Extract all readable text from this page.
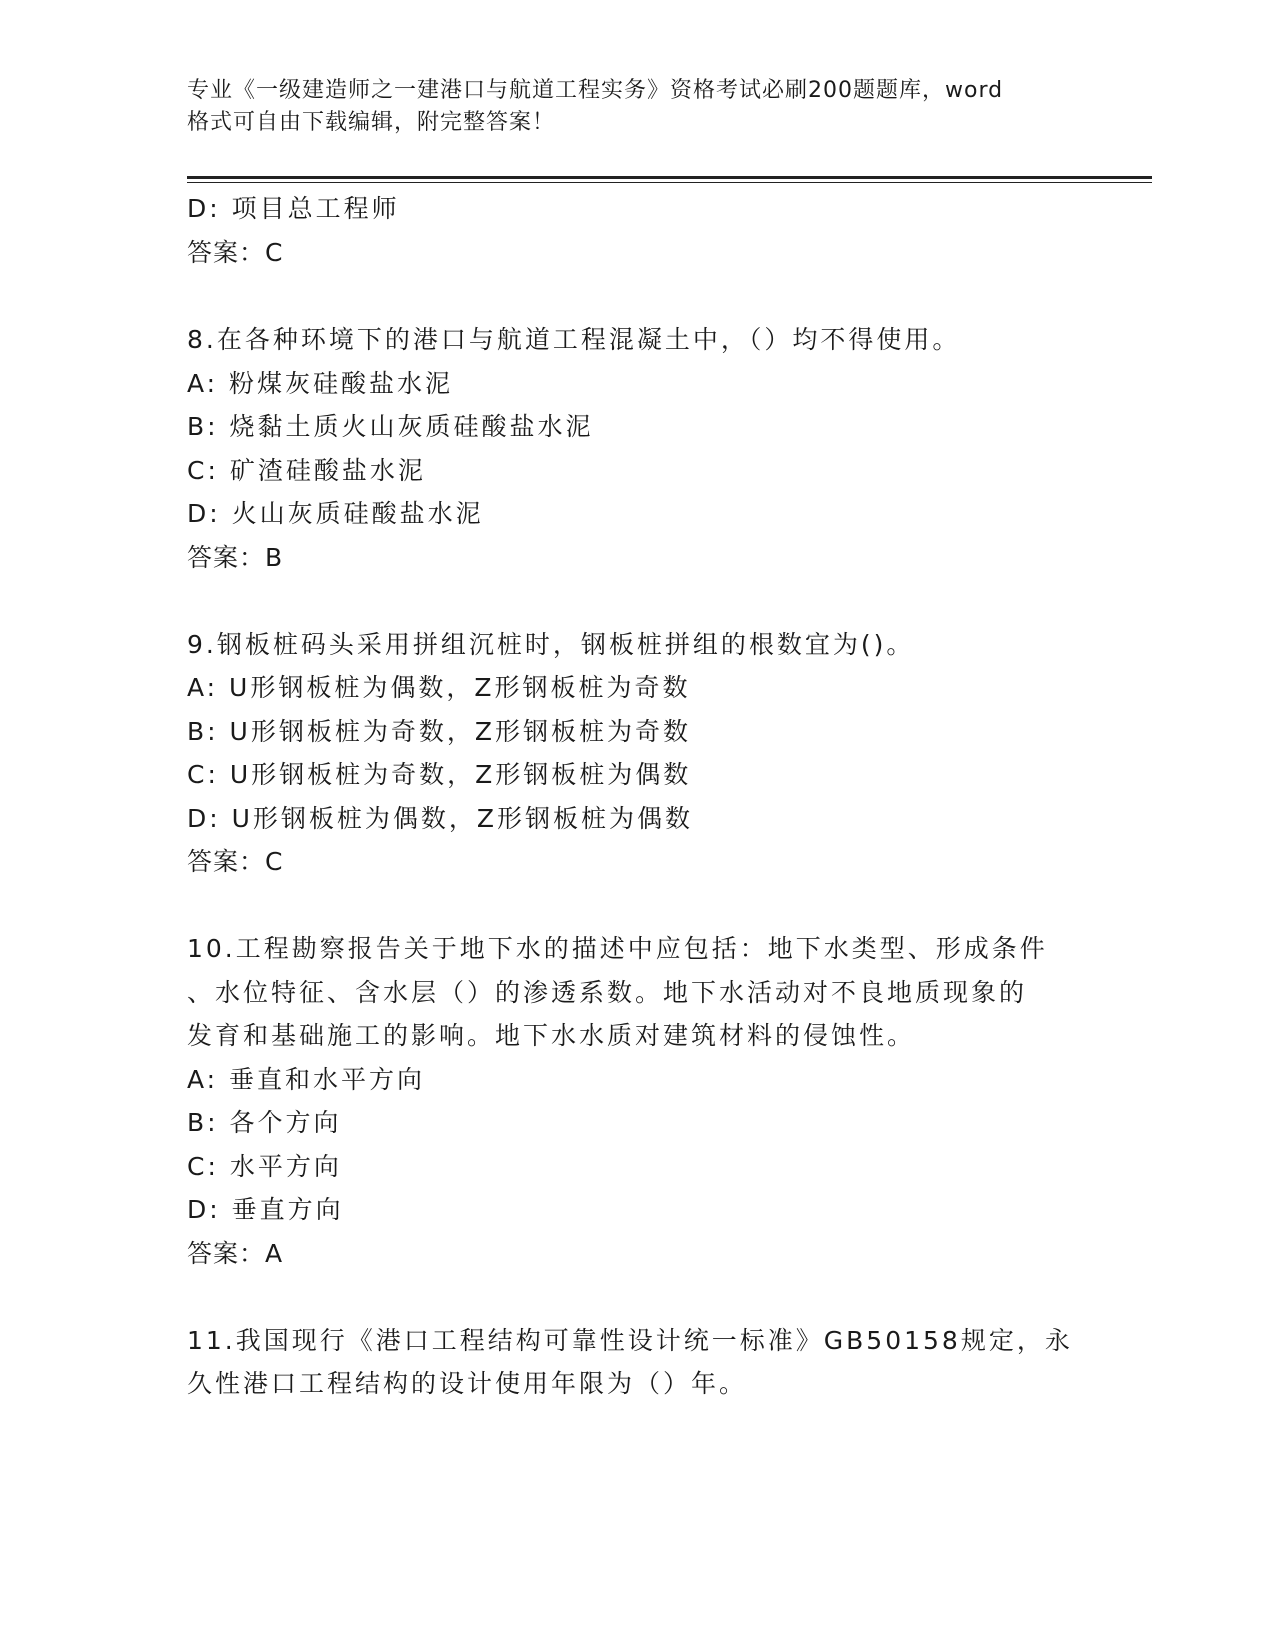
专业《一级建造师之一建港口与航道工程实务》资格考试必刷200题题库，word
格式可自由下载编辑，附完整答案！
D: 项目总工程师
答案：C
8.在各种环境下的港口与航道工程混凝土中，（）均不得使用。
A: 粉煤灰硅酸盐水泥
B: 烧黏土质火山灰质硅酸盐水泥
C: 矿渣硅酸盐水泥
D: 火山灰质硅酸盐水泥
答案：B
9.钢板桩码头采用拼组沉桩时，钢板桩拼组的根数宜为()。
A: U形钢板桩为偶数，Z形钢板桩为奇数
B: U形钢板桩为奇数，Z形钢板桩为奇数
C: U形钢板桩为奇数，Z形钢板桩为偶数
D: U形钢板桩为偶数，Z形钢板桩为偶数
答案：C
10.工程勘察报告关于地下水的描述中应包括：地下水类型、形成条件
、水位特征、含水层（）的渗透系数。地下水活动对不良地质现象的
发育和基础施工的影响。地下水水质对建筑材料的侵蚀性。
A: 垂直和水平方向
B: 各个方向
C: 水平方向
D: 垂直方向
答案：A
11.我国现行《港口工程结构可靠性设计统一标准》GB50158规定，永
久性港口工程结构的设计使用年限为（）年。
